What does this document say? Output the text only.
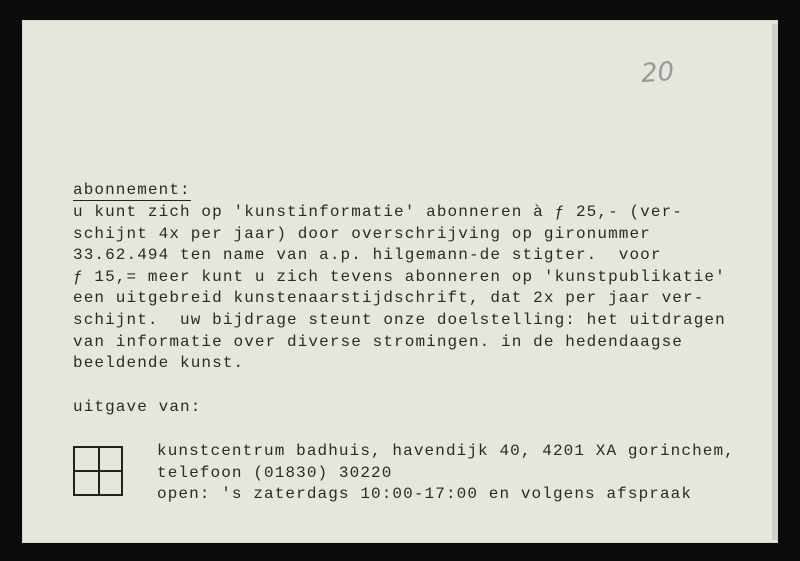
20
abonnement:
u kunt zich op 'kunstinformatie' abonneren à ƒ 25,- (ver-
schijnt 4x per jaar) door overschrijving op gironummer
33.62.494 ten name van a.p. hilgemann-de stigter.  voor
ƒ 15,= meer kunt u zich tevens abonneren op 'kunstpublikatie'
een uitgebreid kunstenaarstijdschrift, dat 2x per jaar ver-
schijnt.  uw bijdrage steunt onze doelstelling: het uitdragen
van informatie over diverse stromingen. in de hedendaagse
beeldende kunst.
uitgave van:
kunstcentrum badhuis, havendijk 40, 4201 XA gorinchem,
telefoon (01830) 30220
open: 's zaterdags 10:00-17:00 en volgens afspraak
